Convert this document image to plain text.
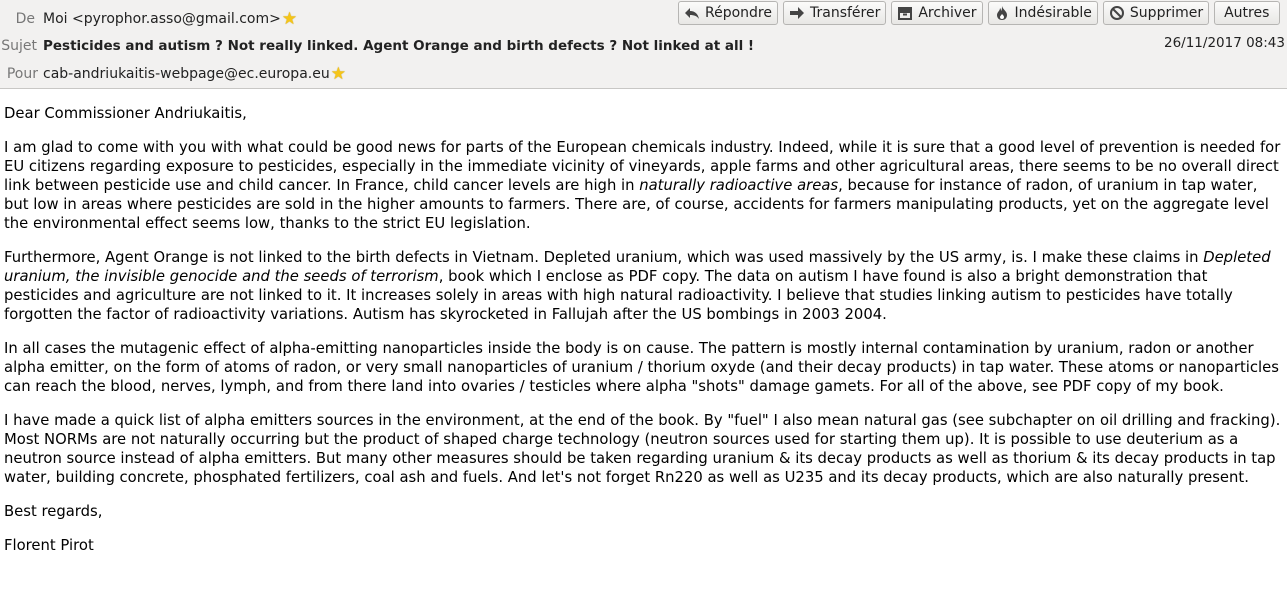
De Moi <pyrophor.asso@gmail.com> ★
Sujet Pesticides and autism ? Not really linked. Agent Orange and birth defects ? Not linked at all !	26/11/2017 08:43
Pour cab-andriukaitis-webpage@ec.europa.eu ★
Répondre	Transférer	Archiver	Indésirable	Supprimer Autres

Dear Commissioner Andriukaitis,

I am glad to come with you with what could be good news for parts of the European chemicals industry. Indeed, while it is sure that a good level of prevention is needed for EU citizens regarding exposure to pesticides, especially in the immediate vicinity of vineyards, apple farms and other agricultural areas, there seems to be no overall direct link between pesticide use and child cancer. In France, child cancer levels are high in naturally radioactive areas, because for instance of radon, of uranium in tap water, but low in areas where pesticides are sold in the higher amounts to farmers. There are, of course, accidents for farmers manipulating products, yet on the aggregate level the environmental effect seems low, thanks to the strict EU legislation.

Furthermore, Agent Orange is not linked to the birth defects in Vietnam. Depleted uranium, which was used massively by the US army, is. I make these claims in Depleted uranium, the invisible genocide and the seeds of terrorism, book which I enclose as PDF copy. The data on autism I have found is also a bright demonstration that pesticides and agriculture are not linked to it. It increases solely in areas with high natural radioactivity. I believe that studies linking autism to pesticides have totally forgotten the factor of radioactivity variations. Autism has skyrocketed in Fallujah after the US bombings in 2003 2004.

In all cases the mutagenic effect of alpha-emitting nanoparticles inside the body is on cause. The pattern is mostly internal contamination by uranium, radon or another alpha emitter, on the form of atoms of radon, or very small nanoparticles of uranium / thorium oxyde (and their decay products) in tap water. These atoms or nanoparticles can reach the blood, nerves, lymph, and from there land into ovaries / testicles where alpha "shots" damage gamets. For all of the above, see PDF copy of my book.

I have made a quick list of alpha emitters sources in the environment, at the end of the book. By "fuel" I also mean natural gas (see subchapter on oil drilling and fracking). Most NORMs are not naturally occurring but the product of shaped charge technology (neutron sources used for starting them up). It is possible to use deuterium as a neutron source instead of alpha emitters. But many other measures should be taken regarding uranium & its decay products as well as thorium & its decay products in tap water, building concrete, phosphated fertilizers, coal ash and fuels. And let's not forget Rn220 as well as U235 and its decay products, which are also naturally present.

Best regards,

Florent Pirot
